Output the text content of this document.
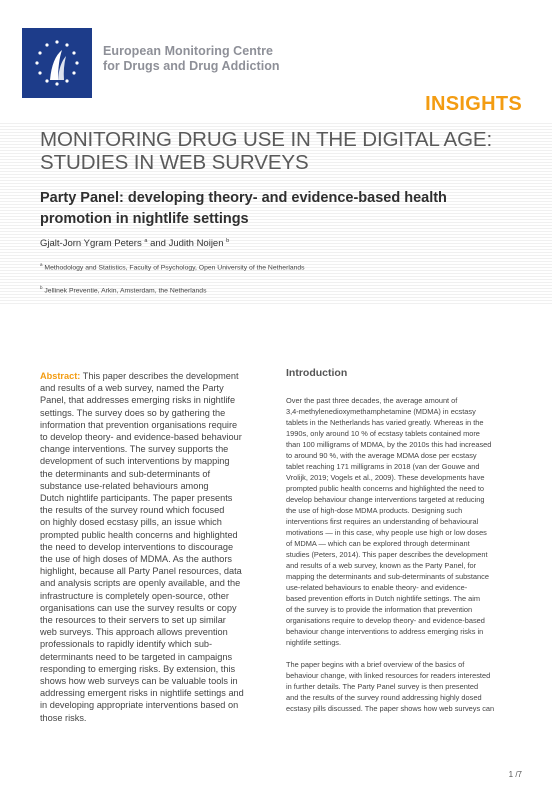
European Monitoring Centre
for Drugs and Drug Addiction
INSIGHTS
MONITORING DRUG USE IN THE DIGITAL AGE:
STUDIES IN WEB SURVEYS
Party Panel: developing theory- and evidence-based health
promotion in nightlife settings
Gjalt-Jorn Ygram Peters $^a$ and Judith Noijen $^b$
$^a$ Methodology and Statistics, Faculty of Psychology, Open University of the Netherlands
$^b$ Jellinek Preventie, Arkin, Amsterdam, the Netherlands
Abstract: This paper describes the development
and results of a web survey, named the Party
Panel, that addresses emerging risks in nightlife
settings. The survey does so by gathering the
information that prevention organisations require
to develop theory- and evidence-based behaviour
change interventions. The survey supports the
development of such interventions by mapping
the determinants and sub-determinants of
substance use-related behaviours among
Dutch nightlife participants. The paper presents
the results of the survey round which focused
on highly dosed ecstasy pills, an issue which
prompted public health concerns and highlighted
the need to develop interventions to discourage
the use of high doses of MDMA. As the authors
highlight, because all Party Panel resources, data
and analysis scripts are openly available, and the
infrastructure is completely open-source, other
organisations can use the survey results or copy
the resources to their servers to set up similar
web surveys. This approach allows prevention
professionals to rapidly identify which sub-
determinants need to be targeted in campaigns
responding to emerging risks. By extension, this
shows how web surveys can be valuable tools in
addressing emergent risks in nightlife settings and
in developing appropriate interventions based on
those risks.
Introduction
Over the past three decades, the average amount of
3,4-methylenedioxymethamphetamine (MDMA) in ecstasy
tablets in the Netherlands has varied greatly. Whereas in the
1990s, only around 10 % of ecstasy tablets contained more
than 100 milligrams of MDMA, by the 2010s this had increased
to around 90 %, with the average MDMA dose per ecstasy
tablet reaching 171 milligrams in 2018 (van der Gouwe and
Vrolijk, 2019; Vogels et al., 2009). These developments have
prompted public health concerns and highlighted the need to
develop behaviour change interventions targeted at reducing
the use of high-dose MDMA products. Designing such
interventions first requires an understanding of behavioural
motivations — in this case, why people use high or low doses
of MDMA — which can be explored through determinant
studies (Peters, 2014). This paper describes the development
and results of a web survey, known as the Party Panel, for
mapping the determinants and sub-determinants of substance
use-related behaviours to enable theory- and evidence-
based prevention efforts in Dutch nightlife settings. The aim
of the survey is to provide the information that prevention
organisations require to develop theory- and evidence-based
behaviour change interventions to address emerging risks in
nightlife settings.
The paper begins with a brief overview of the basics of
behaviour change, with linked resources for readers interested
in further details. The Party Panel survey is then presented
and the results of the survey round addressing highly dosed
ecstasy pills discussed. The paper shows how web surveys can
1 /7
